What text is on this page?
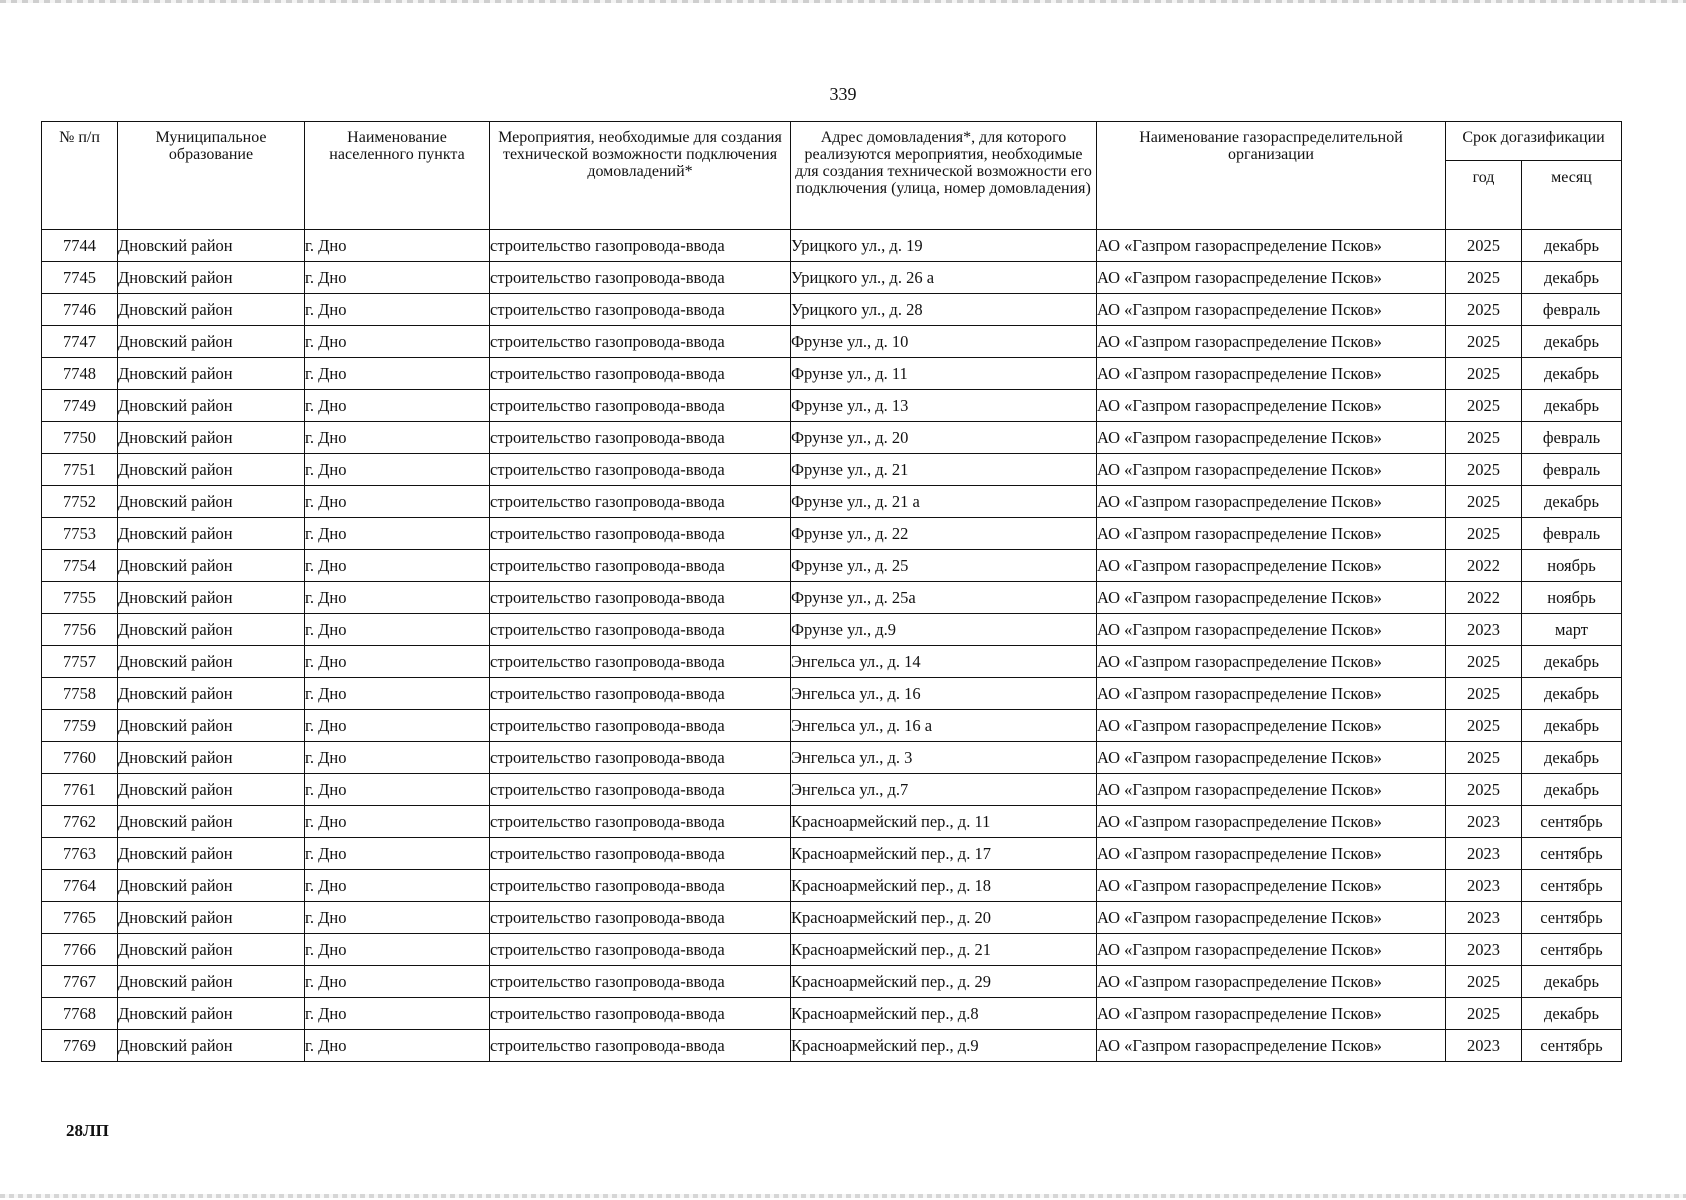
339
№ п/п	Муниципальное образование	Наименование населенного пункта	Мероприятия, необходимые для создания технической возможности подключения домовладений*	Адрес домовладения*, для которого реализуются мероприятия, необходимые для создания технической возможности его подключения (улица, номер домовладения)	Наименование газораспределительной организации	Срок догазификации	
						год	месяц
7744	Дновский район	г. Дно	строительство газопровода-ввода	Урицкого ул., д. 19	АО «Газпром газораспределение Псков»	2025	декабрь
7745	Дновский район	г. Дно	строительство газопровода-ввода	Урицкого ул., д. 26 а	АО «Газпром газораспределение Псков»	2025	декабрь
7746	Дновский район	г. Дно	строительство газопровода-ввода	Урицкого ул., д. 28	АО «Газпром газораспределение Псков»	2025	февраль
7747	Дновский район	г. Дно	строительство газопровода-ввода	Фрунзе ул., д. 10	АО «Газпром газораспределение Псков»	2025	декабрь
7748	Дновский район	г. Дно	строительство газопровода-ввода	Фрунзе ул., д. 11	АО «Газпром газораспределение Псков»	2025	декабрь
7749	Дновский район	г. Дно	строительство газопровода-ввода	Фрунзе ул., д. 13	АО «Газпром газораспределение Псков»	2025	декабрь
7750	Дновский район	г. Дно	строительство газопровода-ввода	Фрунзе ул., д. 20	АО «Газпром газораспределение Псков»	2025	февраль
7751	Дновский район	г. Дно	строительство газопровода-ввода	Фрунзе ул., д. 21	АО «Газпром газораспределение Псков»	2025	февраль
7752	Дновский район	г. Дно	строительство газопровода-ввода	Фрунзе ул., д. 21 а	АО «Газпром газораспределение Псков»	2025	декабрь
7753	Дновский район	г. Дно	строительство газопровода-ввода	Фрунзе ул., д. 22	АО «Газпром газораспределение Псков»	2025	февраль
7754	Дновский район	г. Дно	строительство газопровода-ввода	Фрунзе ул., д. 25	АО «Газпром газораспределение Псков»	2022	ноябрь
7755	Дновский район	г. Дно	строительство газопровода-ввода	Фрунзе ул., д. 25а	АО «Газпром газораспределение Псков»	2022	ноябрь
7756	Дновский район	г. Дно	строительство газопровода-ввода	Фрунзе ул., д.9	АО «Газпром газораспределение Псков»	2023	март
7757	Дновский район	г. Дно	строительство газопровода-ввода	Энгельса ул., д. 14	АО «Газпром газораспределение Псков»	2025	декабрь
7758	Дновский район	г. Дно	строительство газопровода-ввода	Энгельса ул., д. 16	АО «Газпром газораспределение Псков»	2025	декабрь
7759	Дновский район	г. Дно	строительство газопровода-ввода	Энгельса ул., д. 16 а	АО «Газпром газораспределение Псков»	2025	декабрь
7760	Дновский район	г. Дно	строительство газопровода-ввода	Энгельса ул., д. 3	АО «Газпром газораспределение Псков»	2025	декабрь
7761	Дновский район	г. Дно	строительство газопровода-ввода	Энгельса ул., д.7	АО «Газпром газораспределение Псков»	2025	декабрь
7762	Дновский район	г. Дно	строительство газопровода-ввода	Красноармейский пер., д. 11	АО «Газпром газораспределение Псков»	2023	сентябрь
7763	Дновский район	г. Дно	строительство газопровода-ввода	Красноармейский пер., д. 17	АО «Газпром газораспределение Псков»	2023	сентябрь
7764	Дновский район	г. Дно	строительство газопровода-ввода	Красноармейский пер., д. 18	АО «Газпром газораспределение Псков»	2023	сентябрь
7765	Дновский район	г. Дно	строительство газопровода-ввода	Красноармейский пер., д. 20	АО «Газпром газораспределение Псков»	2023	сентябрь
7766	Дновский район	г. Дно	строительство газопровода-ввода	Красноармейский пер., д. 21	АО «Газпром газораспределение Псков»	2023	сентябрь
7767	Дновский район	г. Дно	строительство газопровода-ввода	Красноармейский пер., д. 29	АО «Газпром газораспределение Псков»	2025	декабрь
7768	Дновский район	г. Дно	строительство газопровода-ввода	Красноармейский пер., д.8	АО «Газпром газораспределение Псков»	2025	декабрь
7769	Дновский район	г. Дно	строительство газопровода-ввода	Красноармейский пер., д.9	АО «Газпром газораспределение Псков»	2023	сентябрь
28ЛП
